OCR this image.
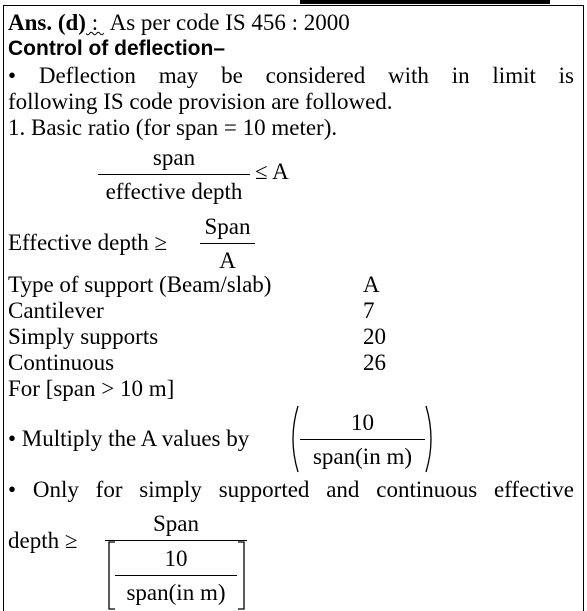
Ans. (d) :  As per code IS 456 : 2000
Control of deflection–
• Deflection may be considered with in limit is
following IS code provision are followed.
1. Basic ratio (for span = 10 meter).
span
effective depth
≤ A
Effective depth ≥
Span
A
Type of support (Beam/slab)	A
Cantilever	7
Simply supports	20
Continuous	26
For [span > 10 m]
• Multiply the A values by
10
span(in m)
• Only for simply supported and continuous effective
depth ≥
Span
10
span(in m)
